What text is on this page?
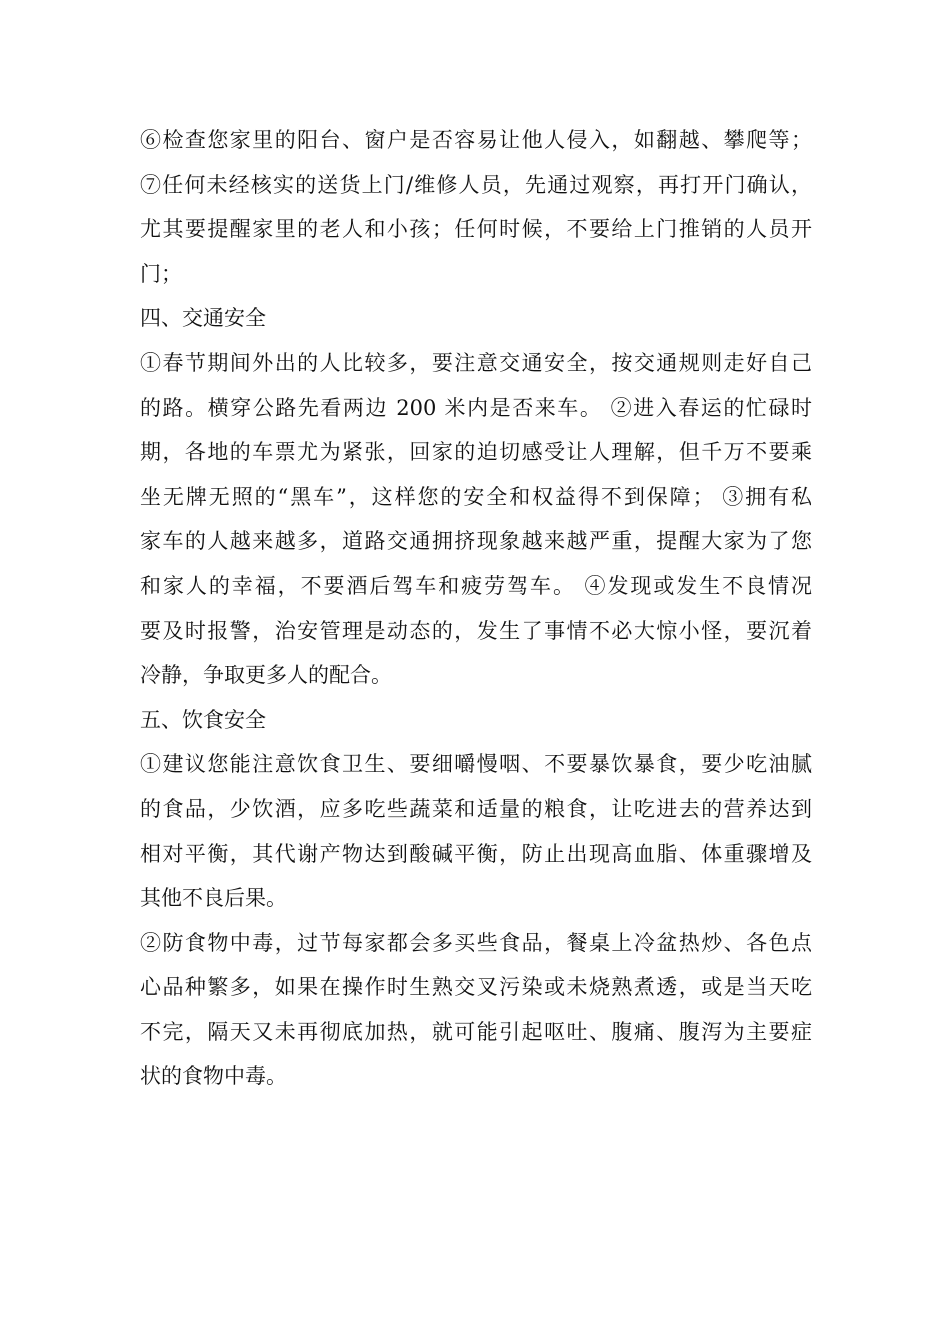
⑥检查您家里的阳台、窗户是否容易让他人侵入，如翻越、攀爬等；
⑦任何未经核实的送货上门/维修人员，先通过观察，再打开门确认，
尤其要提醒家里的老人和小孩；任何时候，不要给上门推销的人员开
门；
四、交通安全
①春节期间外出的人比较多，要注意交通安全，按交通规则走好自己
的路。横穿公路先看两边 200 米内是否来车。 ②进入春运的忙碌时
期，各地的车票尤为紧张，回家的迫切感受让人理解，但千万不要乘
坐无牌无照的“黑车”，这样您的安全和权益得不到保障； ③拥有私
家车的人越来越多，道路交通拥挤现象越来越严重，提醒大家为了您
和家人的幸福，不要酒后驾车和疲劳驾车。 ④发现或发生不良情况
要及时报警，治安管理是动态的，发生了事情不必大惊小怪，要沉着
冷静，争取更多人的配合。
五、饮食安全
①建议您能注意饮食卫生、要细嚼慢咽、不要暴饮暴食，要少吃油腻
的食品，少饮酒，应多吃些蔬菜和适量的粮食，让吃进去的营养达到
相对平衡，其代谢产物达到酸碱平衡，防止出现高血脂、体重骤增及
其他不良后果。
②防食物中毒，过节每家都会多买些食品，餐桌上冷盆热炒、各色点
心品种繁多，如果在操作时生熟交叉污染或未烧熟煮透，或是当天吃
不完，隔天又未再彻底加热，就可能引起呕吐、腹痛、腹泻为主要症
状的食物中毒。
